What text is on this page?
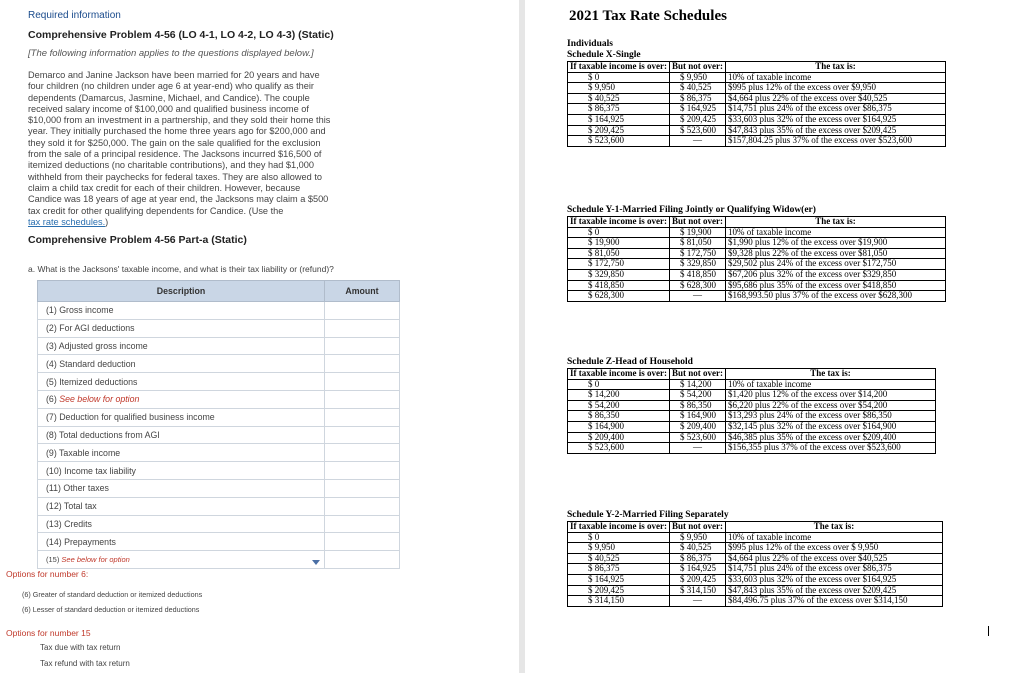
Required information
Comprehensive Problem 4-56 (LO 4-1, LO 4-2, LO 4-3) (Static)
[The following information applies to the questions displayed below.]
Demarco and Janine Jackson have been married for 20 years and have
four children (no children under age 6 at year-end) who qualify as their
dependents (Damarcus, Jasmine, Michael, and Candice). The couple
received salary income of $100,000 and qualified business income of
$10,000 from an investment in a partnership, and they sold their home this
year. They initially purchased the home three years ago for $200,000 and
they sold it for $250,000. The gain on the sale qualified for the exclusion
from the sale of a principal residence. The Jacksons incurred $16,500 of
itemized deductions (no charitable contributions), and they had $1,000
withheld from their paychecks for federal taxes. They are also allowed to
claim a child tax credit for each of their children. However, because
Candice was 18 years of age at year end, the Jacksons may claim a $500
tax credit for other qualifying dependents for Candice. (Use the
tax rate schedules.)
Comprehensive Problem 4-56 Part-a (Static)
a. What is the Jacksons' taxable income, and what is their tax liability or (refund)?
Description	Amount
(1) Gross income	
(2) For AGI deductions	
(3) Adjusted gross income	
(4) Standard deduction	
(5) Itemized deductions	
(6) See below for option	
(7) Deduction for qualified business income	
(8) Total deductions from AGI	
(9) Taxable income	
(10) Income tax liability	
(11) Other taxes	
(12) Total tax	
(13) Credits	
(14) Prepayments	

(15) See below for option	
Options for number 6:
(6) Greater of standard deduction or itemized deductions
(6) Lesser of standard deduction or itemized deductions
Options for number 15
Tax due with tax return
Tax refund with tax return
2021 Tax Rate Schedules
Individuals
Schedule X-Single
If taxable income is over:	But not over:	The tax is:
$ 0	$ 9,950	10% of taxable income
$ 9,950	$ 40,525	$995 plus 12% of the excess over $9,950
$ 40,525	$ 86,375	$4,664 plus 22% of the excess over $40,525
$ 86,375	$ 164,925	$14,751 plus 24% of the excess over $86,375
$ 164,925	$ 209,425	$33,603 plus 32% of the excess over $164,925
$ 209,425	$ 523,600	$47,843 plus 35% of the excess over $209,425
$ 523,600	—	$157,804.25 plus 37% of the excess over $523,600
Schedule Y-1-Married Filing Jointly or Qualifying Widow(er)
If taxable income is over:	But not over:	The tax is:
$ 0	$ 19,900	10% of taxable income
$ 19,900	$ 81,050	$1,990 plus 12% of the excess over $19,900
$ 81,050	$ 172,750	$9,328 plus 22% of the excess over $81,050
$ 172,750	$ 329,850	$29,502 plus 24% of the excess over $172,750
$ 329,850	$ 418,850	$67,206 plus 32% of the excess over $329,850
$ 418,850	$ 628,300	$95,686 plus 35% of the excess over $418,850
$ 628,300	—	$168,993.50 plus 37% of the excess over $628,300
Schedule Z-Head of Household
If taxable income is over:	But not over:	The tax is:
$ 0	$ 14,200	10% of taxable income
$ 14,200	$ 54,200	$1,420 plus 12% of the excess over $14,200
$ 54,200	$ 86,350	$6,220 plus 22% of the excess over $54,200
$ 86,350	$ 164,900	$13,293 plus 24% of the excess over $86,350
$ 164,900	$ 209,400	$32,145 plus 32% of the excess over $164,900
$ 209,400	$ 523,600	$46,385 plus 35% of the excess over $209,400
$ 523,600	—	$156,355 plus 37% of the excess over $523,600
Schedule Y-2-Married Filing Separately
If taxable income is over:	But not over:	The tax is:
$ 0	$ 9,950	10% of taxable income
$ 9,950	$ 40,525	$995 plus 12% of the excess over $ 9,950
$ 40,525	$ 86,375	$4,664 plus 22% of the excess over $40,525
$ 86,375	$ 164,925	$14,751 plus 24% of the excess over $86,375
$ 164,925	$ 209,425	$33,603 plus 32% of the excess over $164,925
$ 209,425	$ 314,150	$47,843 plus 35% of the excess over $209,425
$ 314,150	—	$84,496.75 plus 37% of the excess over $314,150
